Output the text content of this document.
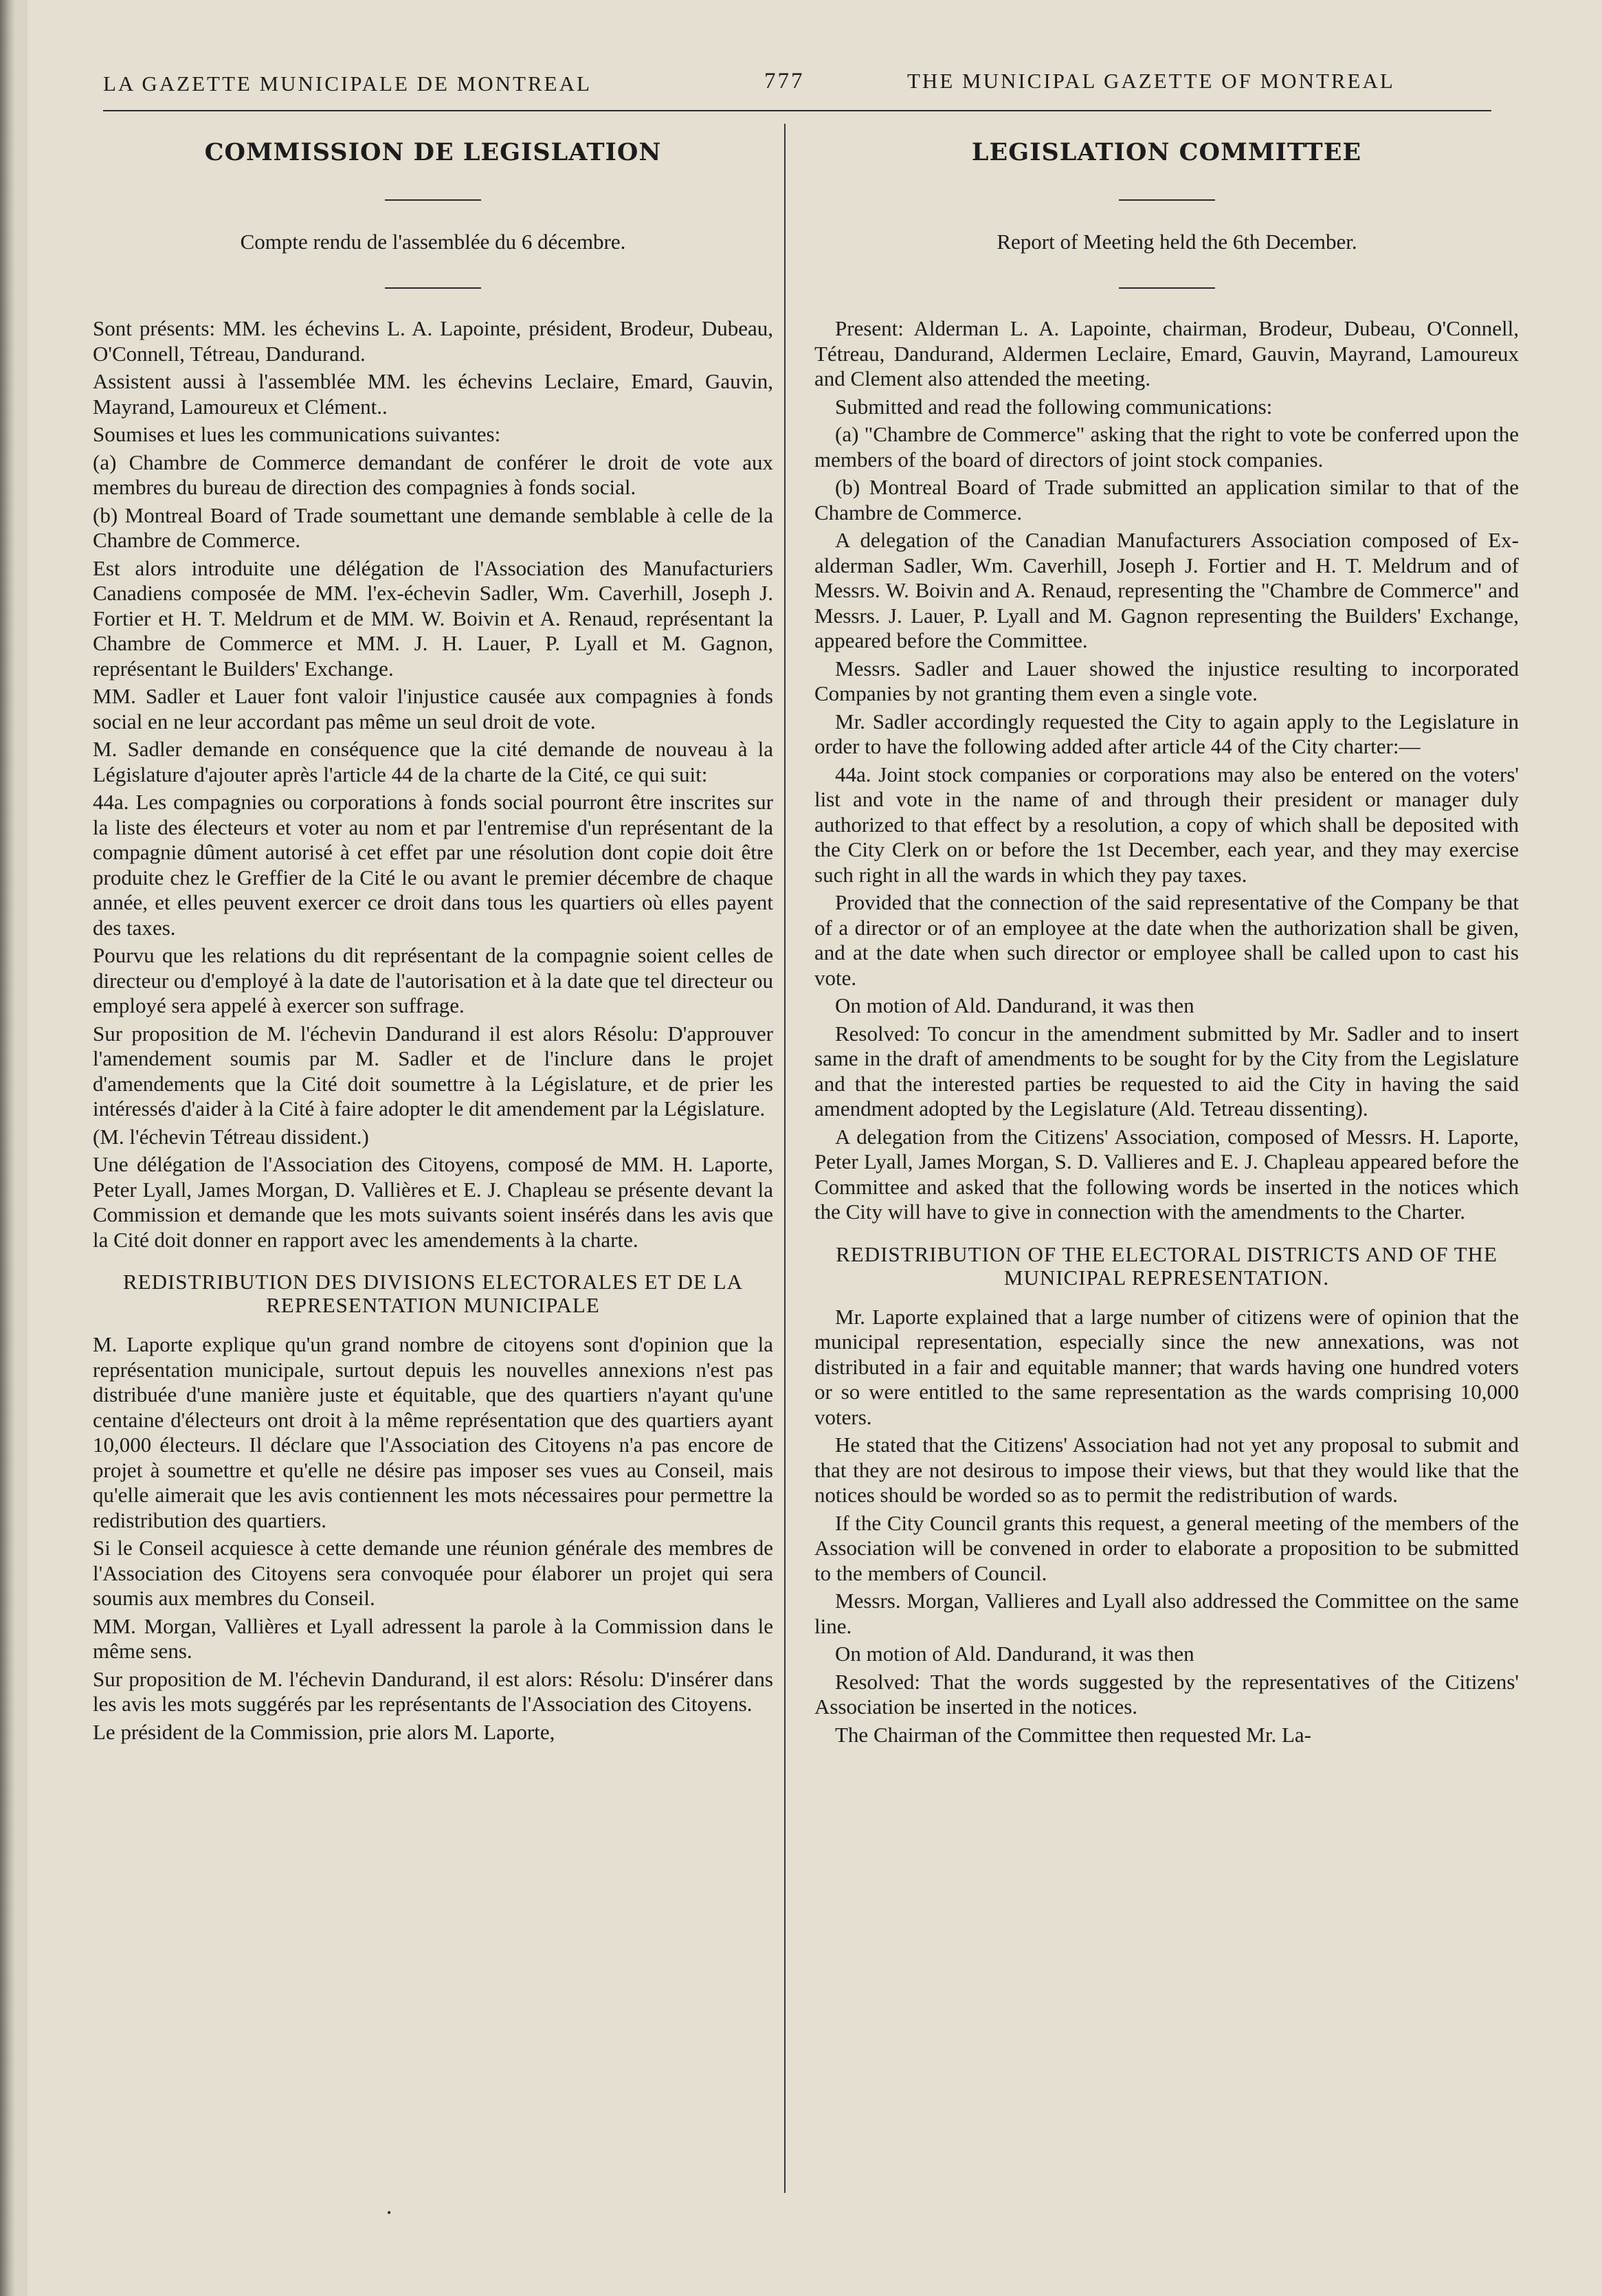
LA GAZETTE MUNICIPALE DE MONTREAL	777	THE MUNICIPAL GAZETTE OF MONTREAL
COMMISSION DE LEGISLATION

Compte rendu de l'assemblée du 6 décembre.

Sont présents: MM. les échevins L. A. Lapointe, président, Brodeur, Dubeau, O'Connell, Tétreau, Dandurand.

Assistent aussi à l'assemblée MM. les échevins Leclaire, Emard, Gauvin, Mayrand, Lamoureux et Clément..

Soumises et lues les communications suivantes:

(a) Chambre de Commerce demandant de conférer le droit de vote aux membres du bureau de direction des compagnies à fonds social.

(b) Montreal Board of Trade soumettant une demande semblable à celle de la Chambre de Commerce.

Est alors introduite une délégation de l'Association des Manufacturiers Canadiens composée de MM. l'ex-échevin Sadler, Wm. Caverhill, Joseph J. Fortier et H. T. Meldrum et de MM. W. Boivin et A. Renaud, représentant la Chambre de Commerce et MM. J. H. Lauer, P. Lyall et M. Gagnon, représentant le Builders' Exchange.

MM. Sadler et Lauer font valoir l'injustice causée aux compagnies à fonds social en ne leur accordant pas même un seul droit de vote.

M. Sadler demande en conséquence que la cité demande de nouveau à la Législature d'ajouter après l'article 44 de la charte de la Cité, ce qui suit:

44a. Les compagnies ou corporations à fonds social pourront être inscrites sur la liste des électeurs et voter au nom et par l'entremise d'un représentant de la compagnie dûment autorisé à cet effet par une résolution dont copie doit être produite chez le Greffier de la Cité le ou avant le premier décembre de chaque année, et elles peuvent exercer ce droit dans tous les quartiers où elles payent des taxes.

Pourvu que les relations du dit représentant de la compagnie soient celles de directeur ou d'employé à la date de l'autorisation et à la date que tel directeur ou employé sera appelé à exercer son suffrage.

Sur proposition de M. l'échevin Dandurand il est alors Résolu: D'approuver l'amendement soumis par M. Sadler et de l'inclure dans le projet d'amendements que la Cité doit soumettre à la Législature, et de prier les intéressés d'aider à la Cité à faire adopter le dit amendement par la Législature.

(M. l'échevin Tétreau dissident.)

Une délégation de l'Association des Citoyens, composé de MM. H. Laporte, Peter Lyall, James Morgan, D. Vallières et E. J. Chapleau se présente devant la Commission et demande que les mots suivants soient insérés dans les avis que la Cité doit donner en rapport avec les amendements à la charte.

REDISTRIBUTION DES DIVISIONS ELECTORALES ET DE LA REPRESENTATION MUNICIPALE

M. Laporte explique qu'un grand nombre de citoyens sont d'opinion que la représentation municipale, surtout depuis les nouvelles annexions n'est pas distribuée d'une manière juste et équitable, que des quartiers n'ayant qu'une centaine d'électeurs ont droit à la même représentation que des quartiers ayant 10,000 électeurs. Il déclare que l'Association des Citoyens n'a pas encore de projet à soumettre et qu'elle ne désire pas imposer ses vues au Conseil, mais qu'elle aimerait que les avis contiennent les mots nécessaires pour permettre la redistribution des quartiers.

Si le Conseil acquiesce à cette demande une réunion générale des membres de l'Association des Citoyens sera convoquée pour élaborer un projet qui sera soumis aux membres du Conseil.

MM. Morgan, Vallières et Lyall adressent la parole à la Commission dans le même sens.

Sur proposition de M. l'échevin Dandurand, il est alors: Résolu: D'insérer dans les avis les mots suggérés par les représentants de l'Association des Citoyens.

Le président de la Commission, prie alors M. Laporte,

LEGISLATION COMMITTEE

Report of Meeting held the 6th December.

Present: Alderman L. A. Lapointe, chairman, Brodeur, Dubeau, O'Connell, Tétreau, Dandurand, Aldermen Leclaire, Emard, Gauvin, Mayrand, Lamoureux and Clement also attended the meeting.

Submitted and read the following communications:

(a) "Chambre de Commerce" asking that the right to vote be conferred upon the members of the board of directors of joint stock companies.

(b) Montreal Board of Trade submitted an application similar to that of the Chambre de Commerce.

A delegation of the Canadian Manufacturers Association composed of Ex-alderman Sadler, Wm. Caverhill, Joseph J. Fortier and H. T. Meldrum and of Messrs. W. Boivin and A. Renaud, representing the "Chambre de Commerce" and Messrs. J. Lauer, P. Lyall and M. Gagnon representing the Builders' Exchange, appeared before the Committee.

Messrs. Sadler and Lauer showed the injustice resulting to incorporated Companies by not granting them even a single vote.

Mr. Sadler accordingly requested the City to again apply to the Legislature in order to have the following added after article 44 of the City charter:—

44a. Joint stock companies or corporations may also be entered on the voters' list and vote in the name of and through their president or manager duly authorized to that effect by a resolution, a copy of which shall be deposited with the City Clerk on or before the 1st December, each year, and they may exercise such right in all the wards in which they pay taxes.

Provided that the connection of the said representative of the Company be that of a director or of an employee at the date when the authorization shall be given, and at the date when such director or employee shall be called upon to cast his vote.

On motion of Ald. Dandurand, it was then

Resolved: To concur in the amendment submitted by Mr. Sadler and to insert same in the draft of amendments to be sought for by the City from the Legislature and that the interested parties be requested to aid the City in having the said amendment adopted by the Legislature (Ald. Tetreau dissenting).

A delegation from the Citizens' Association, composed of Messrs. H. Laporte, Peter Lyall, James Morgan, S. D. Vallieres and E. J. Chapleau appeared before the Committee and asked that the following words be inserted in the notices which the City will have to give in connection with the amendments to the Charter.

REDISTRIBUTION OF THE ELECTORAL DISTRICTS AND OF THE MUNICIPAL REPRESENTATION.

Mr. Laporte explained that a large number of citizens were of opinion that the municipal representation, especially since the new annexations, was not distributed in a fair and equitable manner; that wards having one hundred voters or so were entitled to the same representation as the wards comprising 10,000 voters.

He stated that the Citizens' Association had not yet any proposal to submit and that they are not desirous to impose their views, but that they would like that the notices should be worded so as to permit the redistribution of wards.

If the City Council grants this request, a general meeting of the members of the Association will be convened in order to elaborate a proposition to be submitted to the members of Council.

Messrs. Morgan, Vallieres and Lyall also addressed the Committee on the same line.

On motion of Ald. Dandurand, it was then

Resolved: That the words suggested by the representatives of the Citizens' Association be inserted in the notices.

The Chairman of the Committee then requested Mr. La-

•
